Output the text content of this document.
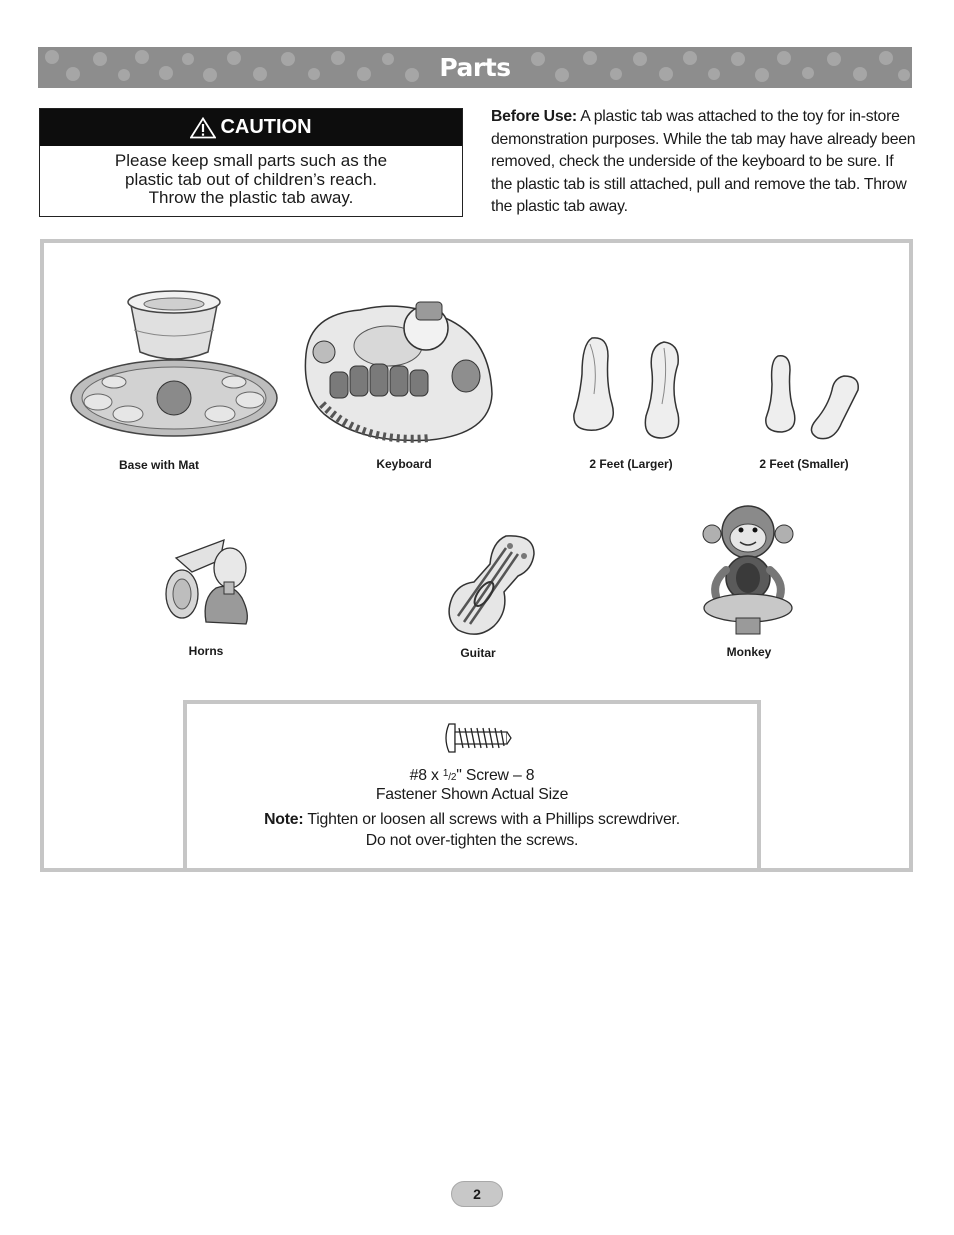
Parts
CAUTION
Please keep small parts such as the
plastic tab out of children’s reach.
Throw the plastic tab away.
Before Use: A plastic tab was attached to the toy for in-store demonstration purposes. While the tab may have already been removed, check the underside of the keyboard to be sure. If the plastic tab is still attached, pull and remove the tab. Throw the plastic tab away.
Base with Mat	Keyboard	2 Feet (Larger)	2 Feet (Smaller)
Horns	Guitar	Monkey
#8 x $^1$/2" Screw – 8
Fastener Shown Actual Size
Note: Tighten or loosen all screws with a Phillips screwdriver.
Do not over-tighten the screws.
2
